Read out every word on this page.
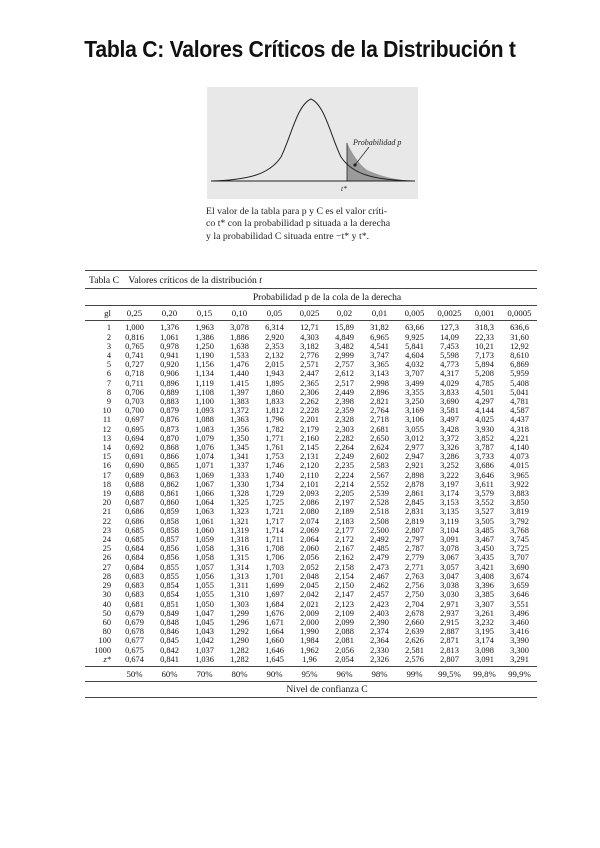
Tabla C: Valores Críticos de la Distribución t
Probabilidad p
t*
El valor de la tabla para p y C es el valor críti-
co t* con la probabilidad p situada a la derecha
y la probabilidad C situada entre −t* y t*.
Tabla C Valores críticos de la distribución t
	Probabilidad p de la cola de la derecha											
gl	0,25	0,20	0,15	0,10	0,05	0,025	0,02	0,01	0,005	0,0025	0,001	0,0005
1	1,000	1,376	1,963	3,078	6,314	12,71	15,89	31,82	63,66	127,3	318,3	636,6
2	0,816	1,061	1,386	1,886	2,920	4,303	4,849	6,965	9,925	14,09	22,33	31,60
3	0,765	0,978	1,250	1,638	2,353	3,182	3,482	4,541	5,841	7,453	10,21	12,92
4	0,741	0,941	1,190	1,533	2,132	2,776	2,999	3,747	4,604	5,598	7,173	8,610
5	0,727	0,920	1,156	1,476	2,015	2,571	2,757	3,365	4,032	4,773	5,894	6,869
6	0,718	0,906	1,134	1,440	1,943	2,447	2,612	3,143	3,707	4,317	5,208	5,959
7	0,711	0,896	1,119	1,415	1,895	2,365	2,517	2,998	3,499	4,029	4,785	5,408
8	0,706	0,889	1,108	1,397	1,860	2,306	2,449	2,896	3,355	3,833	4,501	5,041
9	0,703	0,883	1,100	1,383	1,833	2,262	2,398	2,821	3,250	3,690	4,297	4,781
10	0,700	0,879	1,093	1,372	1,812	2,228	2,359	2,764	3,169	3,581	4,144	4,587
11	0,697	0,876	1,088	1,363	1,796	2,201	2,328	2,718	3,106	3,497	4,025	4,437
12	0,695	0,873	1,083	1,356	1,782	2,179	2,303	2,681	3,055	3,428	3,930	4,318
13	0,694	0,870	1,079	1,350	1,771	2,160	2,282	2,650	3,012	3,372	3,852	4,221
14	0,692	0,868	1,076	1,345	1,761	2,145	2,264	2,624	2,977	3,326	3,787	4,140
15	0,691	0,866	1,074	1,341	1,753	2,131	2,249	2,602	2,947	3,286	3,733	4,073
16	0,690	0,865	1,071	1,337	1,746	2,120	2,235	2,583	2,921	3,252	3,686	4,015
17	0,689	0,863	1,069	1,333	1,740	2,110	2,224	2,567	2,898	3,222	3,646	3,965
18	0,688	0,862	1,067	1,330	1,734	2,101	2,214	2,552	2,878	3,197	3,611	3,922
19	0,688	0,861	1,066	1,328	1,729	2,093	2,205	2,539	2,861	3,174	3,579	3,883
20	0,687	0,860	1,064	1,325	1,725	2,086	2,197	2,528	2,845	3,153	3,552	3,850
21	0,686	0,859	1,063	1,323	1,721	2,080	2,189	2,518	2,831	3,135	3,527	3,819
22	0,686	0,858	1,061	1,321	1,717	2,074	2,183	2,508	2,819	3,119	3,505	3,792
23	0,685	0,858	1,060	1,319	1,714	2,069	2,177	2,500	2,807	3,104	3,485	3,768
24	0,685	0,857	1,059	1,318	1,711	2,064	2,172	2,492	2,797	3,091	3,467	3,745
25	0,684	0,856	1,058	1,316	1,708	2,060	2,167	2,485	2,787	3,078	3,450	3,725
26	0,684	0,856	1,058	1,315	1,706	2,056	2,162	2,479	2,779	3,067	3,435	3,707
27	0,684	0,855	1,057	1,314	1,703	2,052	2,158	2,473	2,771	3,057	3,421	3,690
28	0,683	0,855	1,056	1,313	1,701	2,048	2,154	2,467	2,763	3,047	3,408	3,674
29	0,683	0,854	1,055	1,311	1,699	2,045	2,150	2,462	2,756	3,038	3,396	3,659
30	0,683	0,854	1,055	1,310	1,697	2,042	2,147	2,457	2,750	3,030	3,385	3,646
40	0,681	0,851	1,050	1,303	1,684	2,021	2,123	2,423	2,704	2,971	3,307	3,551
50	0,679	0,849	1,047	1,299	1,676	2,009	2,109	2,403	2,678	2,937	3,261	3,496
60	0,679	0,848	1,045	1,296	1,671	2,000	2,099	2,390	2,660	2,915	3,232	3,460
80	0,678	0,846	1,043	1,292	1,664	1,990	2,088	2,374	2,639	2,887	3,195	3,416
100	0,677	0,845	1,042	1,290	1,660	1,984	2,081	2,364	2,626	2,871	3,174	3,390
1000	0,675	0,842	1,037	1,282	1,646	1,962	2,056	2,330	2,581	2,813	3,098	3,300
z*	0,674	0,841	1,036	1,282	1,645	1,96	2,054	2,326	2,576	2,807	3,091	3,291
	50%	60%	70%	80%	90%	95%	96%	98%	99%	99,5%	99,8%	99,9%
	Nivel de confianza C											
